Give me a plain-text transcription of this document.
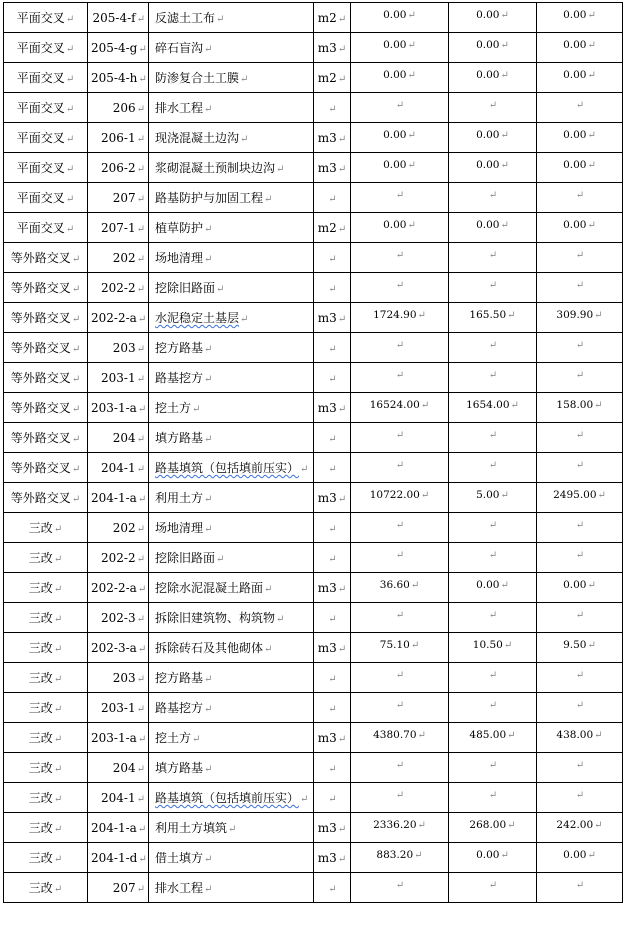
平面交叉↵	205-4-f↵	反滤土工布↵	m2↵	0.00↵	0.00↵	0.00↵
平面交叉↵	205-4-g↵	碎石盲沟↵	m3↵	0.00↵	0.00↵	0.00↵
平面交叉↵	205-4-h↵	防渗复合土工膜↵	m2↵	0.00↵	0.00↵	0.00↵
平面交叉↵	206↵	排水工程↵	↵	↵	↵	↵
平面交叉↵	206-1↵	现浇混凝土边沟↵	m3↵	0.00↵	0.00↵	0.00↵
平面交叉↵	206-2↵	浆砌混凝土预制块边沟↵	m3↵	0.00↵	0.00↵	0.00↵
平面交叉↵	207↵	路基防护与加固工程↵	↵	↵	↵	↵
平面交叉↵	207-1↵	植草防护↵	m2↵	0.00↵	0.00↵	0.00↵
等外路交叉↵	202↵	场地清理↵	↵	↵	↵	↵
等外路交叉↵	202-2↵	挖除旧路面↵	↵	↵	↵	↵
等外路交叉↵	202-2-a↵	水泥稳定土基层↵	m3↵	1724.90↵	165.50↵	309.90↵
等外路交叉↵	203↵	挖方路基↵	↵	↵	↵	↵
等外路交叉↵	203-1↵	路基挖方↵	↵	↵	↵	↵
等外路交叉↵	203-1-a↵	挖土方↵	m3↵	16524.00↵	1654.00↵	158.00↵
等外路交叉↵	204↵	填方路基↵	↵	↵	↵	↵
等外路交叉↵	204-1↵	路基填筑（包括填前压实）↵	↵	↵	↵	↵
等外路交叉↵	204-1-a↵	利用土方↵	m3↵	10722.00↵	5.00↵	2495.00↵
三改↵	202↵	场地清理↵	↵	↵	↵	↵
三改↵	202-2↵	挖除旧路面↵	↵	↵	↵	↵
三改↵	202-2-a↵	挖除水泥混凝土路面↵	m3↵	36.60↵	0.00↵	0.00↵
三改↵	202-3↵	拆除旧建筑物、构筑物↵	↵	↵	↵	↵
三改↵	202-3-a↵	拆除砖石及其他砌体↵	m3↵	75.10↵	10.50↵	9.50↵
三改↵	203↵	挖方路基↵	↵	↵	↵	↵
三改↵	203-1↵	路基挖方↵	↵	↵	↵	↵
三改↵	203-1-a↵	挖土方↵	m3↵	4380.70↵	485.00↵	438.00↵
三改↵	204↵	填方路基↵	↵	↵	↵	↵
三改↵	204-1↵	路基填筑（包括填前压实）↵	↵	↵	↵	↵
三改↵	204-1-a↵	利用土方填筑↵	m3↵	2336.20↵	268.00↵	242.00↵
三改↵	204-1-d↵	借土填方↵	m3↵	883.20↵	0.00↵	0.00↵
三改↵	207↵	排水工程↵	↵	↵	↵	↵
